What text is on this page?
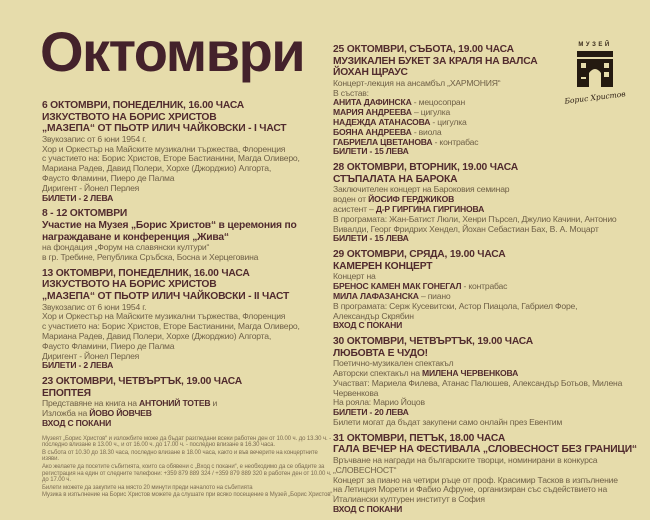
Октомври	МУЗЕЙ
Борис Христов
6 ОКТОМВРИ, ПОНЕДЕЛНИК, 16.00 ЧАСА
ИЗКУСТВОТО НА БОРИС ХРИСТОВ
„МАЗЕПА“ ОТ ПЬОТР ИЛИЧ ЧАЙКОВСКИ - I ЧАСТ
Звукозапис от 6 юни 1954 г.
Хор и Оркестър на Майските музикални тържества, Флоренция
с участието на: Борис Христов, Еторе Бастианини, Магда Оливеро,
Мариана Радев, Давид Полери, Хорхе (Джорджио) Алгорта,
Фаусто Фламини, Пиеро де Палма
Диригент - Йонел Перлея
БИЛЕТИ - 2 ЛЕВА
8 - 12 ОКТОМВРИ
Участие на Музея „Борис Христов“ в церемония по
награждаване и конференция „Жива“
на фондация „Форум на славянски култури“
в гр. Требине, Република Сръбска, Босна и Херцеговина
13 ОКТОМВРИ, ПОНЕДЕЛНИК, 16.00 ЧАСА
ИЗКУСТВОТО НА БОРИС ХРИСТОВ
„МАЗЕПА“ ОТ ПЬОТР ИЛИЧ ЧАЙКОВСКИ - II ЧАСТ
Звукозапис от 6 юни 1954 г.
Хор и Оркестър на Майските музикални тържества, Флоренция
с участието на: Борис Христов, Еторе Бастианини, Магда Оливеро,
Мариана Радев, Давид Полери, Хорхе (Джорджио) Алгорта,
Фаусто Фламини, Пиеро де Палма
Диригент - Йонел Перлея
БИЛЕТИ - 2 ЛЕВА
23 ОКТОМВРИ, ЧЕТВЪРТЪК, 19.00 ЧАСА
ЕПОПТЕЯ
Представяне на книга на АНТОНИЙ ТОТЕВ и
Изложба на ЙОВО ЙОВЧЕВ
ВХОД С ПОКАНИ
Музеят „Борис Христов“ и изложбите може да бъдат разгледани всеки работен ден от 10.00 ч. до 13.30 ч. - последно влизане в 13.00 ч., и от 16.00 ч. до 17.00 ч. - последно влизане в 16.30 часа.
В събота от 10.30 до 18.30 часа, последно влизане в 18.00 часа, както и във вечерите на концертните изяви.
Ако желаете да посетите събитията, които са обявени с „Вход с покани“, е необходимо да се обадите за регистрация на един от следните телефони: +359 879 889 324 / +359 879 889 320 в работен ден от 10.00 ч. до 17.00 ч.
Билети можете да закупите на място 20 минути преди началото на събитията
Музика в изпълнение на Борис Христов можете да слушате при всяко посещение в Музей „Борис Христов“.
25 ОКТОМВРИ, СЪБОТА, 19.00 ЧАСА
МУЗИКАЛЕН БУКЕТ ЗА КРАЛЯ НА ВАЛСА
ЙОХАН ЩРАУС
Концерт-лекция на ансамбъл „ХАРМОНИЯ“
В състав:
АНИТА ДАФИНСКА - мецосопран
МАРИЯ АНДРЕЕВА – цигулка
НАДЕЖДА АТАНАСОВА - цигулка
БОЯНА АНДРЕЕВА - виола
ГАБРИЕЛА ЦВЕТАНОВА - контрабас
БИЛЕТИ - 15 ЛЕВА
28 ОКТОМВРИ, ВТОРНИК, 19.00 ЧАСА
СТЪПАЛАТА НА БАРОКА
Заключителен концерт на Бароковия семинар
воден от ЙОСИФ ГЕРДЖИКОВ
асистент – Д-Р ГИРГИНА ГИРГИНОВА
В програмата: Жан-Батист Люли, Хенри Пърсел, Джулио Качини, Антонио
Вивалди, Георг Фридрих Хендел, Йохан Себастиан Бах, В. А. Моцарт
БИЛЕТИ - 15 ЛЕВА
29 ОКТОМВРИ, СРЯДА, 19.00 ЧАСА
КАМЕРЕН КОНЦЕРТ
Концерт на
БРЕНОС КАМЕН МАК ГОНЕГАЛ - контрабас
МИЛА ЛАФАЗАНСКА – пиано
В програмата: Серж Кусевитски, Астор Пиацола, Габриел Форе,
Александър Скрябин
ВХОД С ПОКАНИ
30 ОКТОМВРИ, ЧЕТВЪРТЪК, 19.00 ЧАСА
ЛЮБОВТА Е ЧУДО!
Поетично-музикален спектакъл
Авторски спектакъл на МИЛЕНА ЧЕРВЕНКОВА
Участват: Мариела Филева, Атанас Палюшев, Александър Ботьов, Милена
Червенкова
На рояла: Марио Йоцов
БИЛЕТИ - 20 ЛЕВА
Билети могат да бъдат закупени само онлайн през Евентим
31 ОКТОМВРИ, ПЕТЪК, 18.00 ЧАСА
ГАЛА ВЕЧЕР НА ФЕСТИВАЛА „СЛОВЕСНОСТ БЕЗ ГРАНИЦИ“
Връчване на награди на българските творци, номинирани в конкурса
„СЛОВЕСНОСТ“
Концерт за пиано на четири ръце от проф. Красимир Тасков в изпълнение
на Летиция Морети и Фабио Афруне, организиран със съдействието на
Италиански културен институт в София
ВХОД С ПОКАНИ
